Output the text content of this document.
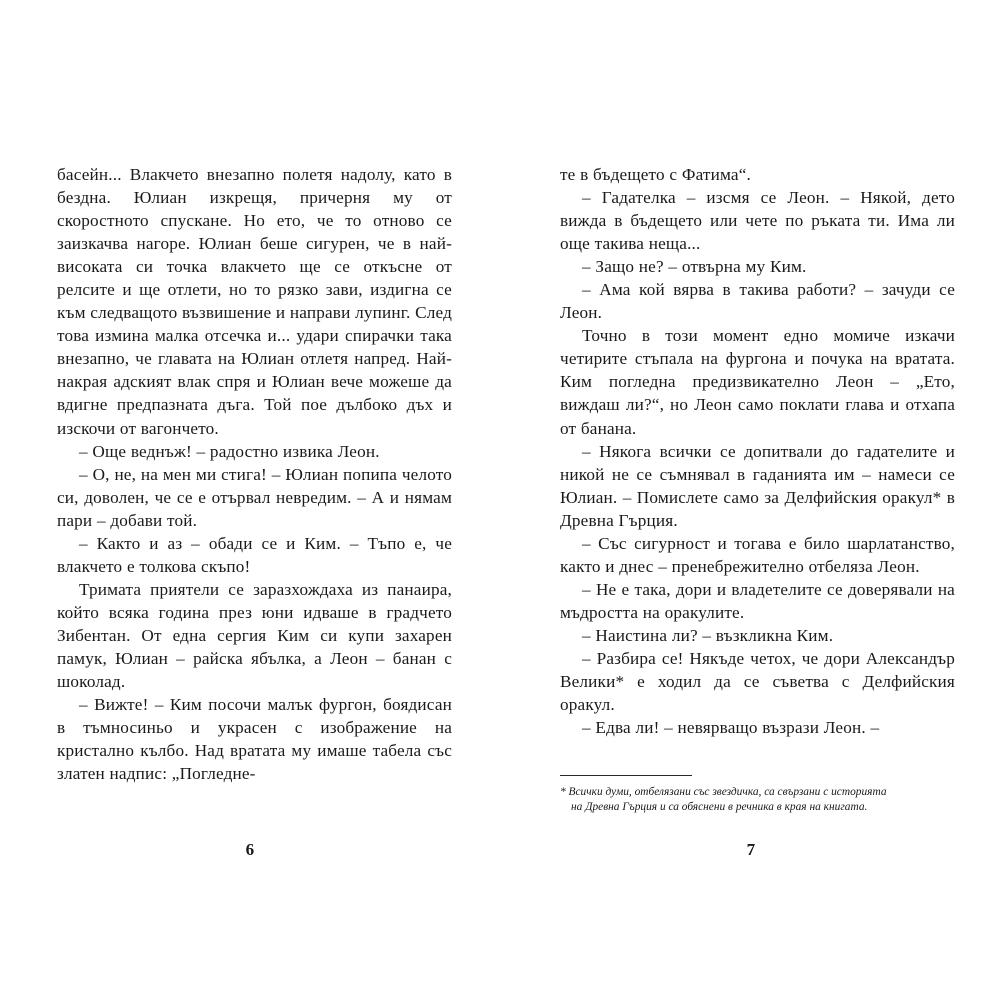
басейн... Влакчето внезапно полетя надолу, като в бездна. Юлиан изкрещя, причерня му от скоростното спускане. Но ето, че то отново се заизкачва нагоре. Юлиан беше сигурен, че в най-високата си точка влакчето ще се откъсне от релсите и ще отлети, но то рязко зави, издигна се към следващото възвишение и направи лупинг. След това измина малка отсечка и... удари спирачки така внезапно, че главата на Юлиан отлетя напред. Най-накрая адският влак спря и Юлиан вече можеше да вдигне предпазната дъга. Той пое дълбоко дъх и изскочи от вагончето.

– Още веднъж! – радостно извика Леон.

– О, не, на мен ми стига! – Юлиан попипа челото си, доволен, че се е отървал невредим. – А и нямам пари – добави той.

– Както и аз – обади се и Ким. – Тъпо е, че влакчето е толкова скъпо!

Тримата приятели се заразхождаха из панаира, който всяка година през юни идваше в градчето Зибентан. От една сергия Ким си купи захарен памук, Юлиан – райска ябълка, а Леон – банан с шоколад.

– Вижте! – Ким посочи малък фургон, боядисан в тъмносиньо и украсен с изображение на кристално кълбо. Над вратата му имаше табела със златен надпис: „Погледне-

6

те в бъдещето с Фатима“.

– Гадателка – изсмя се Леон. – Някой, дето вижда в бъдещето или чете по ръката ти. Има ли още такива неща...

– Защо не? – отвърна му Ким.

– Ама кой вярва в такива работи? – зачуди се Леон.

Точно в този момент едно момиче изкачи четирите стъпала на фургона и почука на вратата. Ким погледна предизвикателно Леон – „Ето, виждаш ли?“, но Леон само поклати глава и отхапа от банана.

– Някога всички се допитвали до гадателите и никой не се съмнявал в гаданията им – намеси се Юлиан. – Помислете само за Делфийския оракул* в Древна Гърция.

– Със сигурност и тогава е било шарлатанство, както и днес – пренебрежително отбеляза Леон.

– Не е така, дори и владетелите се доверявали на мъдростта на оракулите.

– Наистина ли? – възкликна Ким.

– Разбира се! Някъде четох, че дори Александър Велики* е ходил да се съветва с Делфийския оракул.

– Едва ли! – невярващо възрази Леон. –

* Всички думи, отбелязани със звездичка, са свързани с историята
на Древна Гърция и са обяснени в речника в края на книгата.

7
